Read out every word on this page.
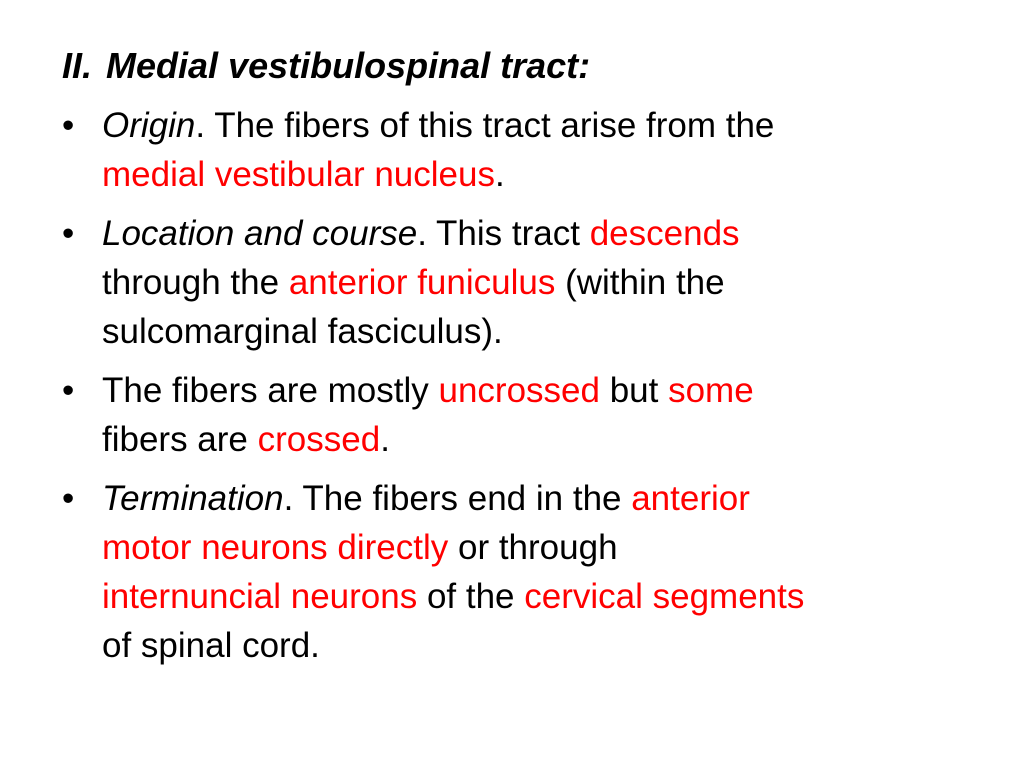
II. Medial vestibulospinal tract:
• Origin. The fibers of this tract arise from the
medial vestibular nucleus.
• Location and course. This tract descends
through the anterior funiculus (within the
sulcomarginal fasciculus).
• The fibers are mostly uncrossed but some
fibers are crossed.
• Termination. The fibers end in the anterior
motor neurons directly or through
internuncial neurons of the cervical segments
of spinal cord.
